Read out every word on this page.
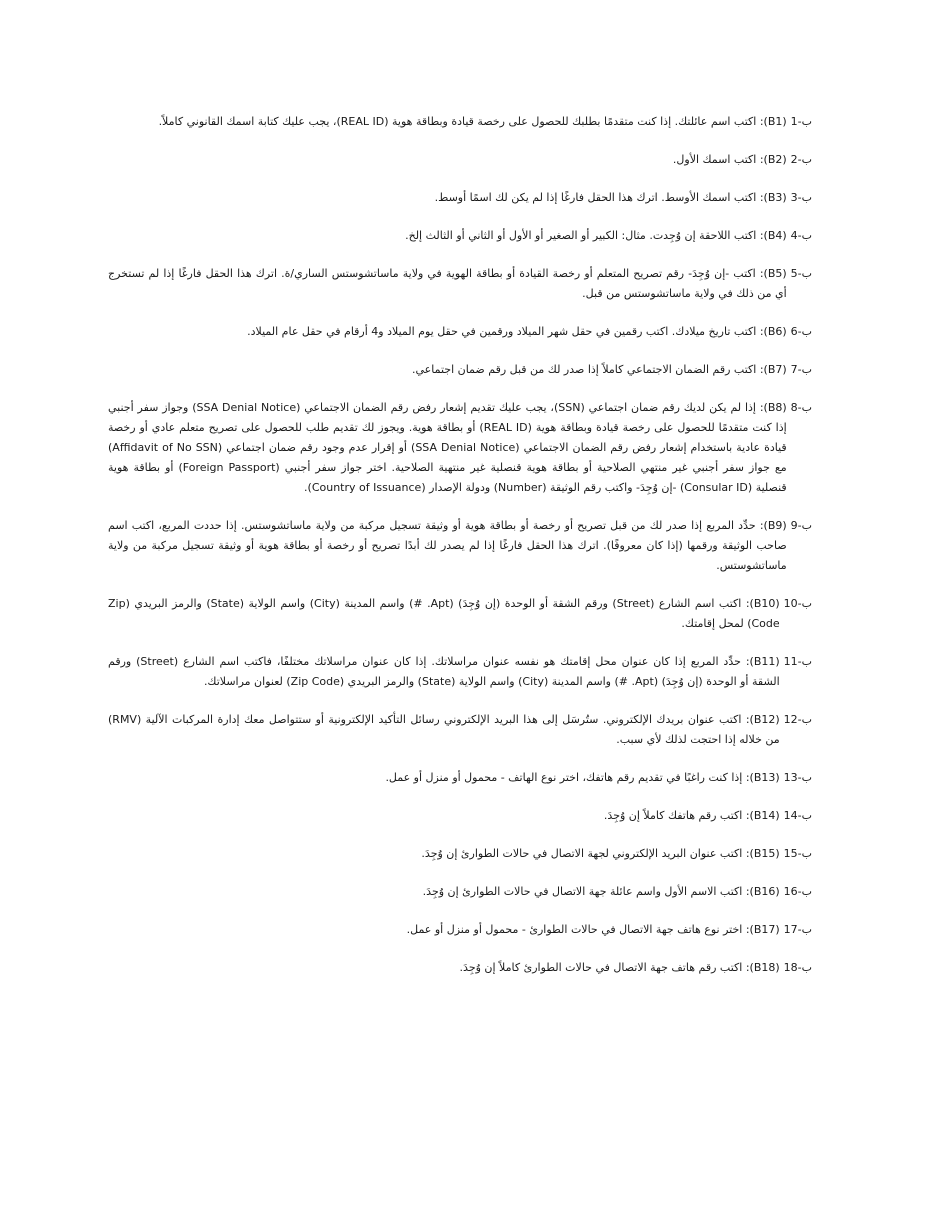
ب-1
(B1): اكتب اسم عائلتك. إذا كنت متقدمًا بطلبك للحصول على رخصة قيادة وبطاقة هوية (REAL ID)، يجب عليك كتابة اسمك القانوني كاملاً.
ب-2
(B2): اكتب اسمك الأول.
ب-3
(B3): اكتب اسمك الأوسط. اترك هذا الحقل فارغًا إذا لم يكن لك اسمًا أوسط.
ب-4
(B4): اكتب اللاحقة إن وُجِدت. مثال: الكبير أو الصغير أو الأول أو الثاني أو الثالث إلخ.
ب-5
(B5): اكتب -إن وُجِدَ- رقم تصريح المتعلم أو رخصة القيادة أو بطاقة الهوية في ولاية ماساتشوستس الساري/ة. اترك هذا الحقل فارغًا إذا لم تستخرج أي من ذلك في ولاية ماساتشوستس من قبل.
ب-6
(B6): اكتب تاريخ ميلادك. اكتب رقمين في حقل شهر الميلاد ورقمين في حقل يوم الميلاد و4 أرقام في حقل عام الميلاد.
ب-7
(B7): اكتب رقم الضمان الاجتماعي كاملاً إذا صدر لك من قبل رقم ضمان اجتماعي.
ب-8
(B8): إذا لم يكن لديك رقم ضمان اجتماعي (SSN)، يجب عليك تقديم إشعار رفض رقم الضمان الاجتماعي (SSA Denial Notice) وجواز سفر أجنبي إذا كنت متقدمًا للحصول على رخصة قيادة وبطاقة هوية (REAL ID) أو بطاقة هوية. ويجوز لك تقديم طلب للحصول على تصريح متعلم عادي أو رخصة قيادة عادية باستخدام إشعار رفض رقم الضمان الاجتماعي (SSA Denial Notice) أو إقرار عدم وجود رقم ضمان اجتماعي (Affidavit of No SSN) مع جواز سفر أجنبي غير منتهي الصلاحية أو بطاقة هوية قنصلية غير منتهية الصلاحية. اختر جواز سفر أجنبي (Foreign Passport) أو بطاقة هوية قنصلية (Consular ID) -إن وُجِدَ- واكتب رقم الوثيقة (Number) ودولة الإصدار (Country of Issuance).
ب-9
(B9): حدِّد المربع إذا صدر لك من قبل تصريح أو رخصة أو بطاقة هوية أو وثيقة تسجيل مركبة من ولاية ماساتشوستس. إذا حددت المربع، اكتب اسم صاحب الوثيقة ورقمها (إذا كان معروفًا). اترك هذا الحقل فارغًا إذا لم يصدر لك أبدًا تصريح أو رخصة أو بطاقة هوية أو وثيقة تسجيل مركبة من ولاية ماساتشوستس.
ب-10
(B10): اكتب اسم الشارع (Street) ورقم الشقة أو الوحدة (إن وُجِدَ) (Apt. #) واسم المدينة (City) واسم الولاية (State) والرمز البريدي (Zip Code) لمحل إقامتك.
ب-11
(B11): حدِّد المربع إذا كان عنوان محل إقامتك هو نفسه عنوان مراسلاتك. إذا كان عنوان مراسلاتك مختلفًا، فاكتب اسم الشارع (Street) ورقم الشقة أو الوحدة (إن وُجِدَ) (Apt. #) واسم المدينة (City) واسم الولاية (State) والرمز البريدي (Zip Code) لعنوان مراسلاتك.
ب-12
(B12): اكتب عنوان بريدك الإلكتروني. ستُرسَل إلى هذا البريد الإلكتروني رسائل التأكيد الإلكترونية أو ستتواصل معك إدارة المركبات الآلية (RMV) من خلاله إذا احتجت لذلك لأي سبب.
ب-13
(B13): إذا كنت راغبًا في تقديم رقم هاتفك، اختر نوع الهاتف - محمول أو منزل أو عمل.
ب-14
(B14): اكتب رقم هاتفك كاملاً إن وُجِدَ.
ب-15
(B15): اكتب عنوان البريد الإلكتروني لجهة الاتصال في حالات الطوارئ إن وُجِدَ.
ب-16
(B16): اكتب الاسم الأول واسم عائلة جهة الاتصال في حالات الطوارئ إن وُجِدَ.
ب-17
(B17): اختر نوع هاتف جهة الاتصال في حالات الطوارئ - محمول أو منزل أو عمل.
ب-18
(B18): اكتب رقم هاتف جهة الاتصال في حالات الطوارئ كاملاً إن وُجِدَ.
